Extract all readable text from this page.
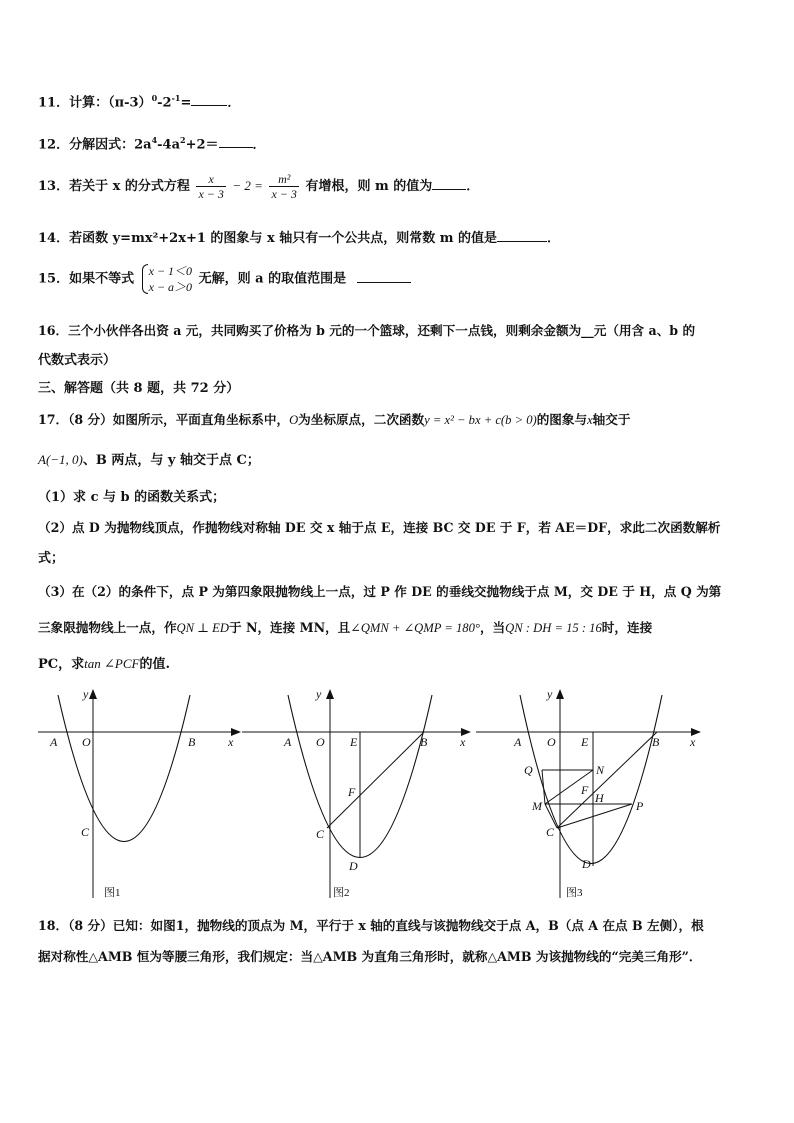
11．计算：$(\pi-3)^0-2^{-1}=$	．
12．分解因式：$2a^4-4a^2+2=$	．
13．若关于 x 的分式方程 $\frac{x}{x - 3} - 2 = \frac{\text{m²}}{x - 3}$ 有增根，则 m 的值为	．
14．若函数 y=mx²+2x+1 的图象与 x 轴只有一个公共点，则常数 m 的值是	．
15．如果不等式
x − 1＜0
x − a＞0
无解，则 a 的取值范围是
16．三个小伙伴各出资 a 元，共同购买了价格为 b 元的一个篮球，还剩下一点钱，则剩余金额为__元（用含 a、b 的
代数式表示）
三、解答题（共 8 题，共 72 分）
17．（8 分）如图所示，平面直角坐标系中，O为坐标原点，二次函数y = x² − bx + c(b > 0)的图象与x轴交于
A(−1, 0)、B 两点，与 y 轴交于点 C；
（1）求 c 与 b 的函数关系式；
（2）点 D 为抛物线顶点，作抛物线对称轴 DE 交 x 轴于点 E，连接 BC 交 DE 于 F，若 AE＝DF，求此二次函数解析
式；
（3）在（2）的条件下，点 P 为第四象限抛物线上一点，过 P 作 DE 的垂线交抛物线于点 M，交 DE 于 H，点 Q 为第
三象限抛物线上一点，作QN ⊥ ED于 N，连接 MN，且∠QMN + ∠QMP = 180°，当QN : DH = 15 : 16时，连接
PC，求tan ∠PCF的值.
y
x
A O	B
C
图1
y
x
A O E	B
F
C
D
图2
y
x
A O E	B
Q	N
F
H
M	P
C
D
图3
18．（8 分）已知：如图1，抛物线的顶点为 M，平行于 x 轴的直线与该抛物线交于点 A，B（点 A 在点 B 左侧），根
据对称性△AMB 恒为等腰三角形，我们规定：当△AMB 为直角三角形时，就称△AMB 为该抛物线的“完美三角形”．
